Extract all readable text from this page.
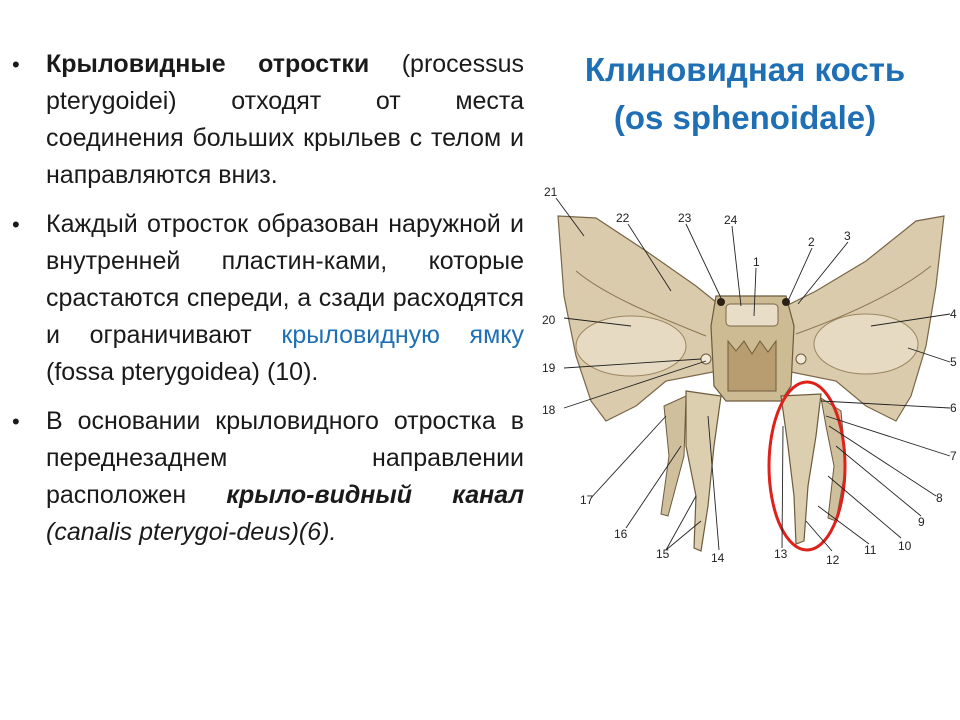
• Крыловидные отростки (processus pterygoidei) отходят от места соединения больших крыльев с телом и направляются вниз.
• Каждый отросток образован наружной и внутренней пластин-ками, которые срастаются спереди, а сзади расходятся и ограничивают крыловидную ямку (fossa pterygoidea) (10).
• В основании крыловидного отростка в переднезаднем направлении расположен крыло-видный канал (canalis pterygoi-deus)(6).
Клиновидная кость
(os sphenoidale)
21
22	23	24
1
2 3
4
5
6
7
8
9
10
11
12
13
14
15
16
17
18
19
20
